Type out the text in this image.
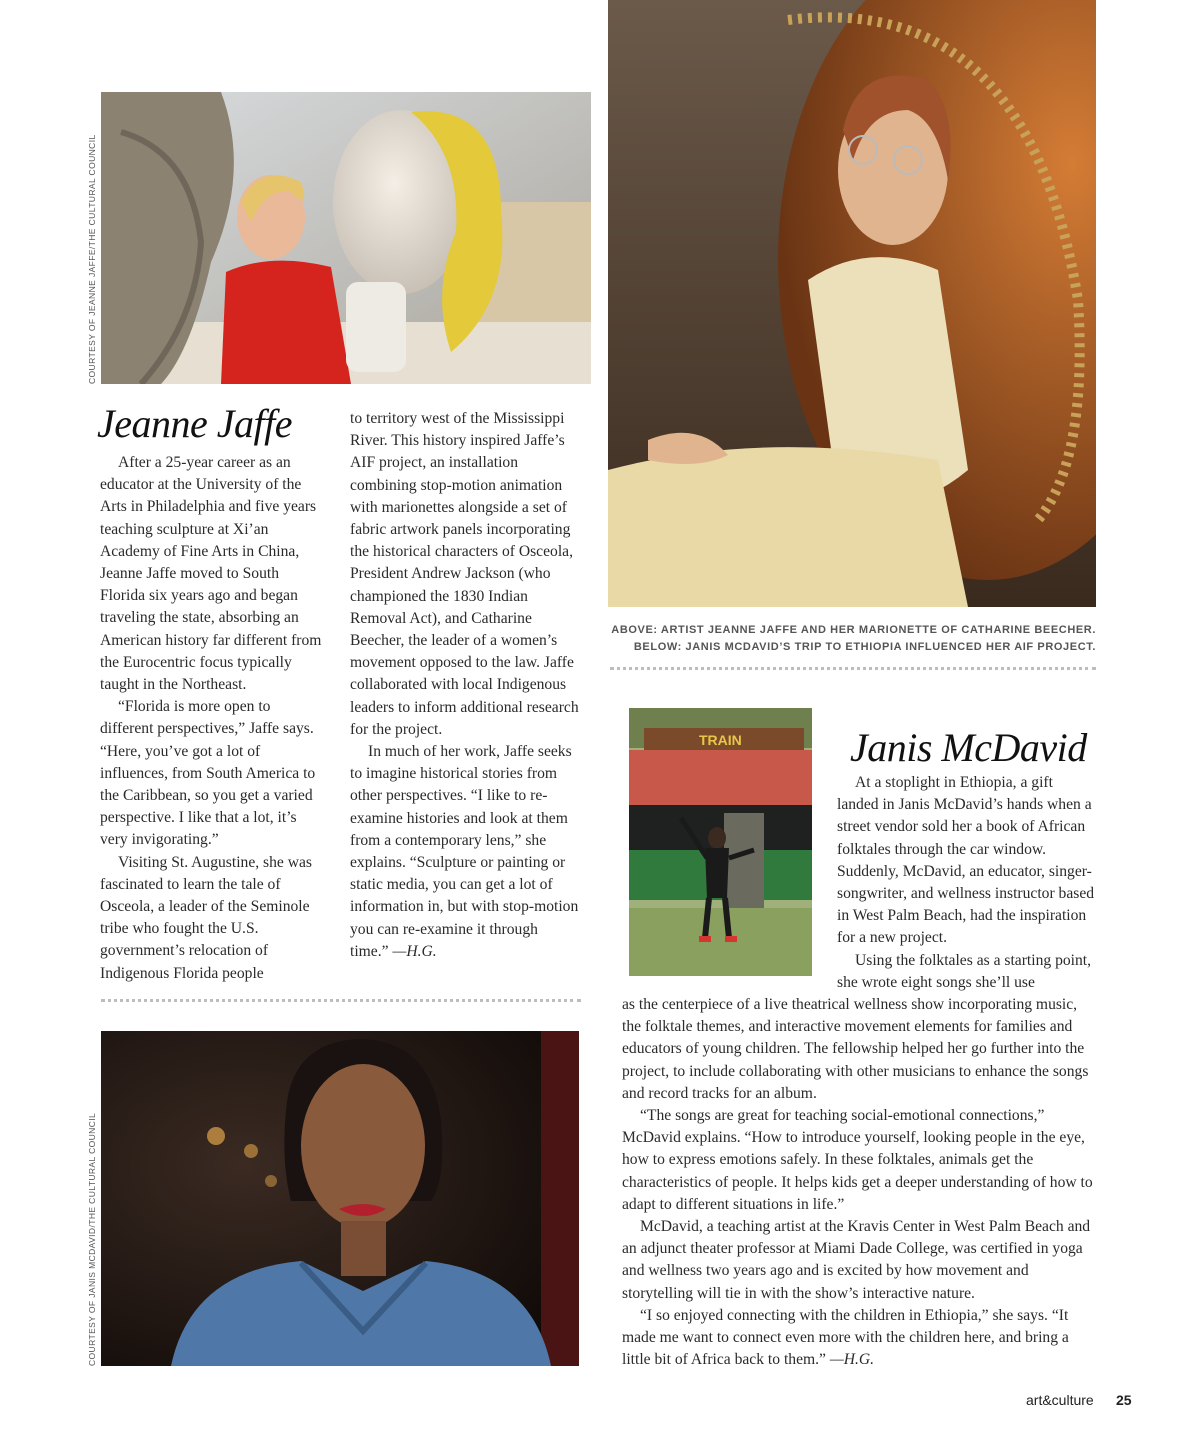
COURTESY OF JEANNE JAFFE/THE CULTURAL COUNCIL
ABOVE: ARTIST JEANNE JAFFE AND HER MARIONETTE OF CATHARINE BEECHER.
BELOW: JANIS MCDAVID’S TRIP TO ETHIOPIA INFLUENCED HER AIF PROJECT.
Jeanne Jaffe

After a 25-year career as an educator at the University of the Arts in Philadelphia and five years teaching sculpture at Xi’an Academy of Fine Arts in China, Jeanne Jaffe moved to South Florida six years ago and began traveling the state, absorbing an American history far different from the Eurocentric focus typically taught in the Northeast.

“Florida is more open to different perspectives,” Jaffe says. “Here, you’ve got a lot of influences, from South America to the Caribbean, so you get a varied perspective. I like that a lot, it’s very invigorating.”

Visiting St. Augustine, she was fascinated to learn the tale of Osceola, a leader of the Seminole tribe who fought the U.S. government’s relocation of Indigenous Florida people

to territory west of the Mississippi River. This history inspired Jaffe’s AIF project, an installation combining stop-motion animation with marionettes alongside a set of fabric artwork panels incorporating the historical characters of Osceola, President Andrew Jackson (who championed the 1830 Indian Removal Act), and Catharine Beecher, the leader of a women’s movement opposed to the law. Jaffe collaborated with local Indigenous leaders to inform additional research for the project.

In much of her work, Jaffe seeks to imagine historical stories from other perspectives. “I like to re-examine histories and look at them from a contemporary lens,” she explains. “Sculpture or painting or static media, you can get a lot of information in, but with stop-motion you can re-examine it through time.” —H.G.

TRAIN	Janis McDavid

At a stoplight in Ethiopia, a gift landed in Janis McDavid’s hands when a street vendor sold her a book of African folktales through the car window. Suddenly, McDavid, an educator, singer-songwriter, and wellness instructor based in West Palm Beach, had the inspiration for a new project.

Using the folktales as a starting point, she wrote eight songs she’ll use

as the centerpiece of a live theatrical wellness show incorporating music, the folktale themes, and interactive movement elements for families and educators of young children. The fellowship helped her go further into the project, to include collaborating with other musicians to enhance the songs and record tracks for an album.

“The songs are great for teaching social-emotional connections,” McDavid explains. “How to introduce yourself, looking people in the eye, how to express emotions safely. In these folktales, animals get the characteristics of people. It helps kids get a deeper understanding of how to adapt to different situations in life.”

McDavid, a teaching artist at the Kravis Center in West Palm Beach and an adjunct theater professor at Miami Dade College, was certified in yoga and wellness two years ago and is excited by how movement and storytelling will tie in with the show’s interactive nature.

“I so enjoyed connecting with the children in Ethiopia,” she says. “It made me want to connect even more with the children here, and bring a little bit of Africa back to them.” —H.G.

COURTESY OF JANIS MCDAVID/THE CULTURAL COUNCIL
art&culture 25
